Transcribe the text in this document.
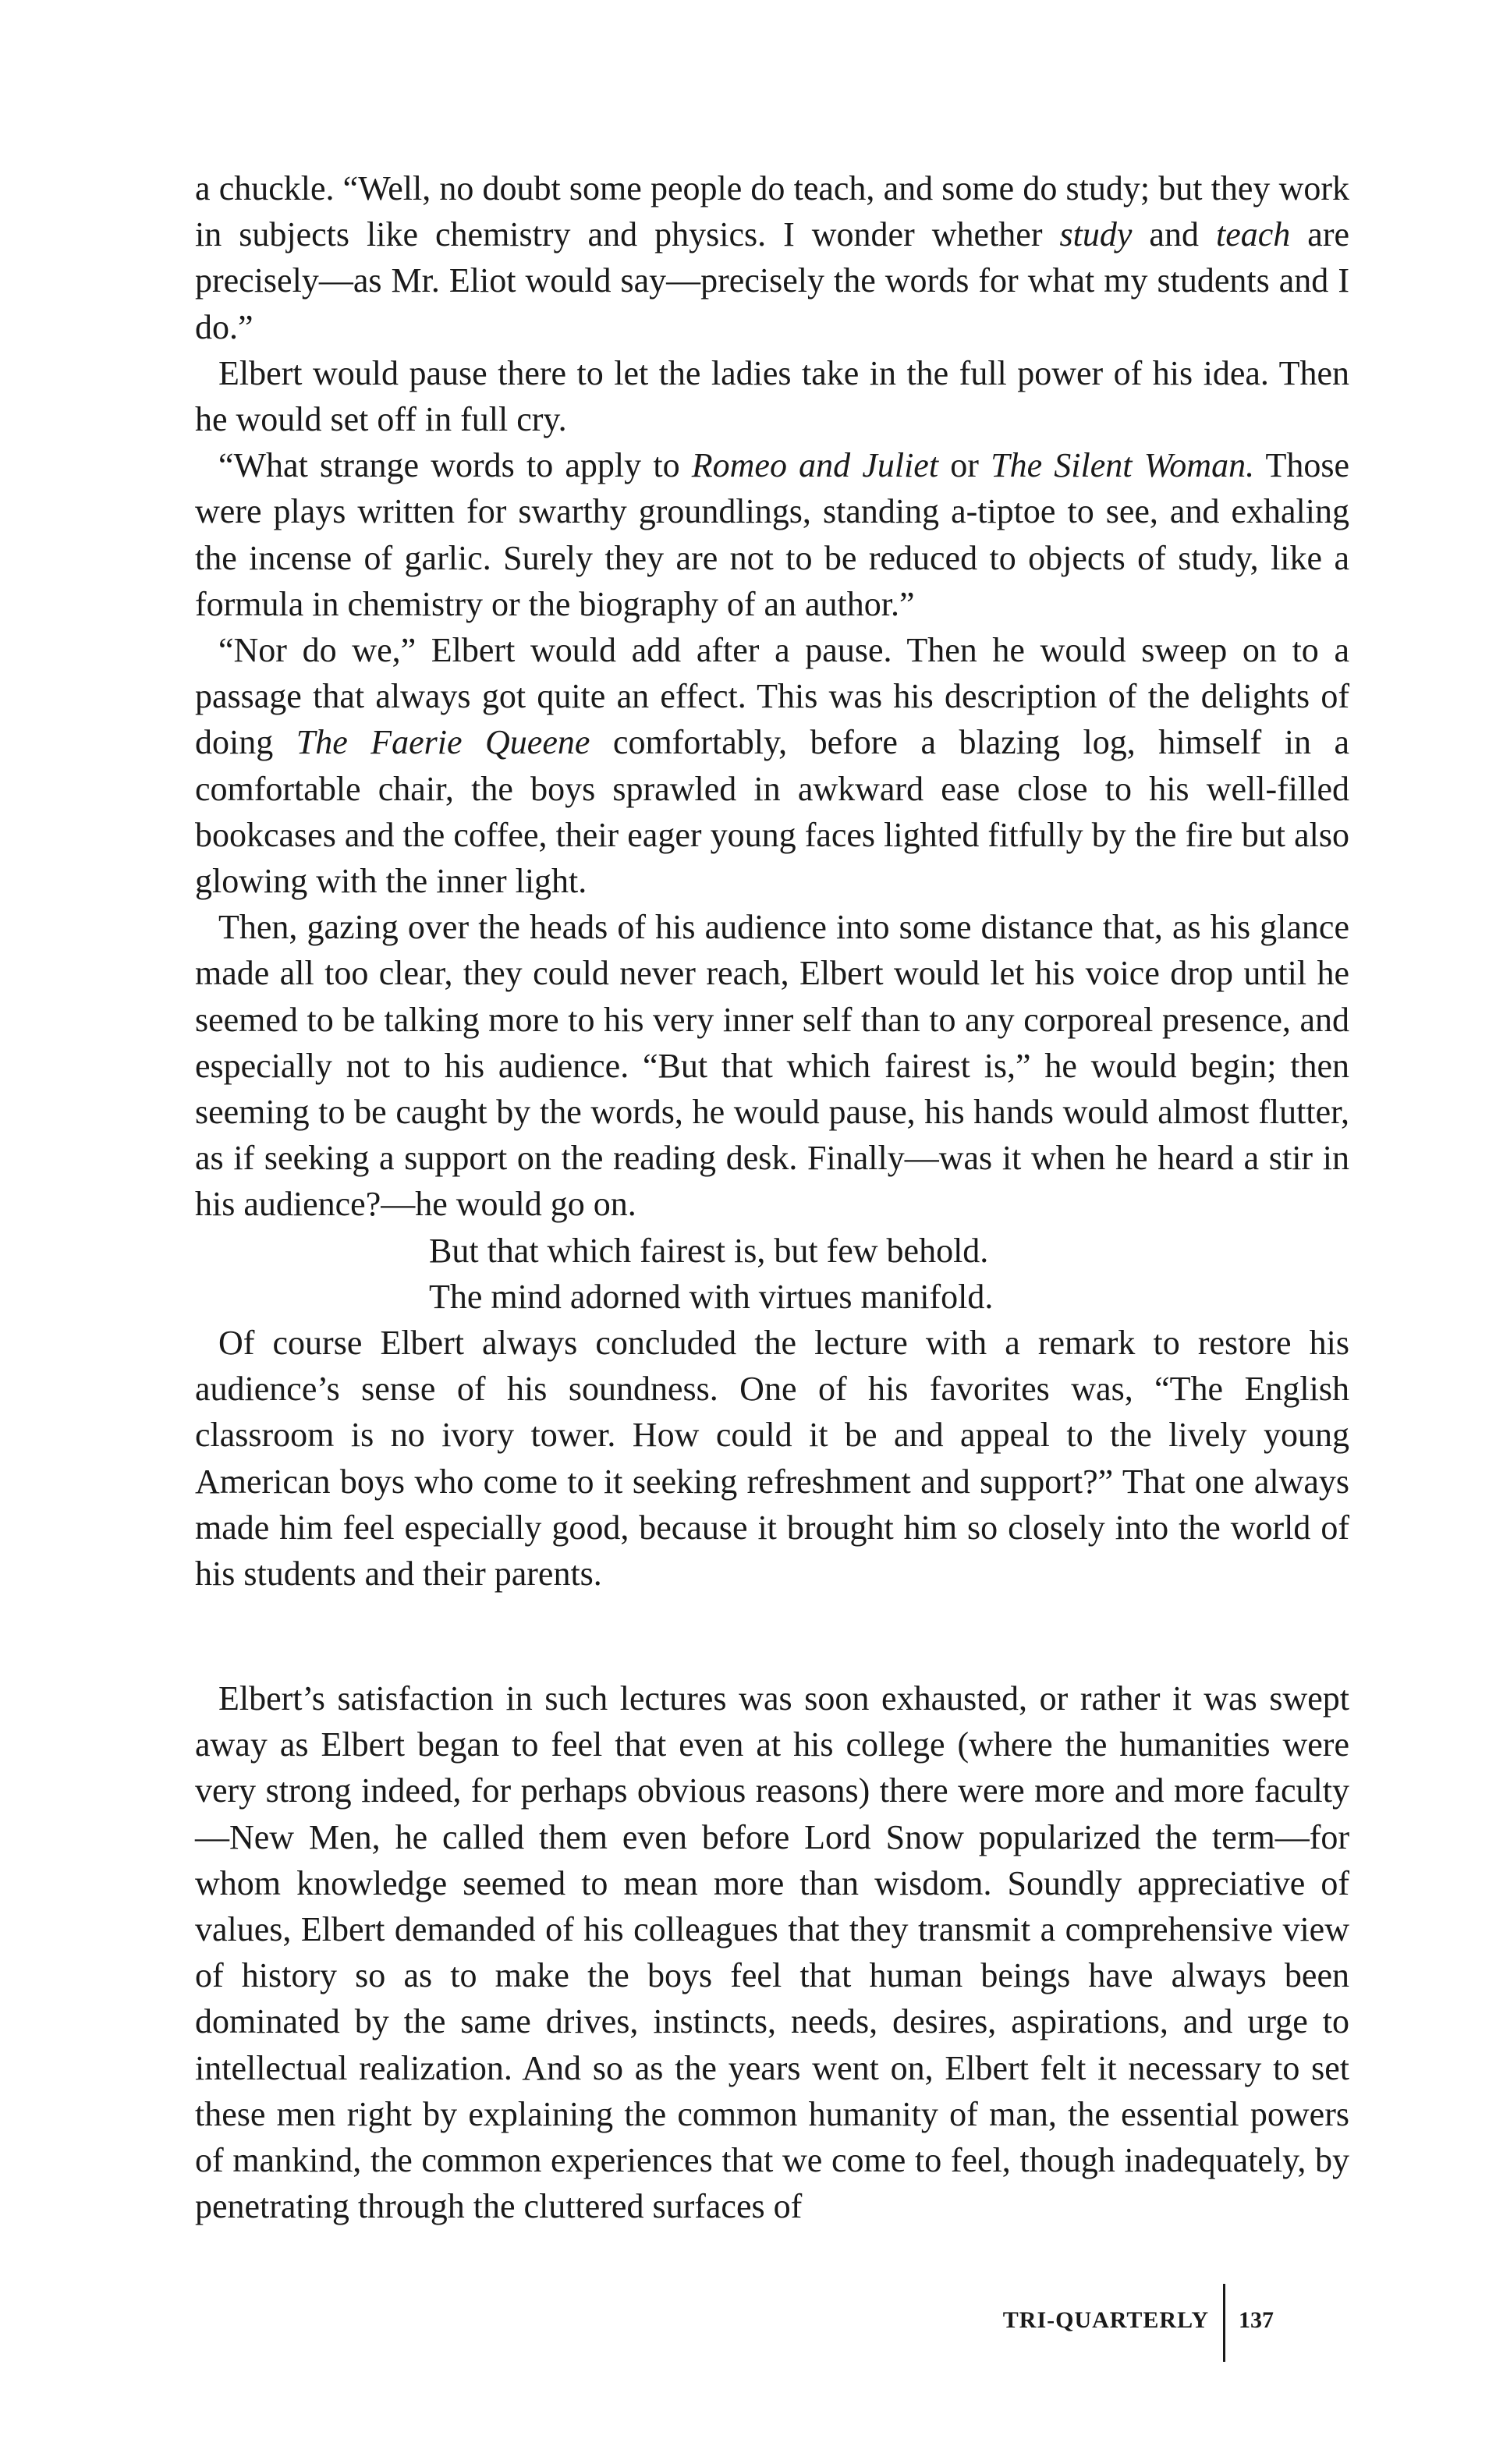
a chuckle. “Well, no doubt some people do teach, and some do study; but they work in subjects like chemistry and physics. I wonder whether study and teach are precisely—as Mr. Eliot would say—precisely the words for what my students and I do.”

Elbert would pause there to let the ladies take in the full power of his idea. Then he would set off in full cry.

“What strange words to apply to Romeo and Juliet or The Silent Woman. Those were plays written for swarthy groundlings, standing a-tiptoe to see, and exhaling the incense of garlic. Surely they are not to be reduced to objects of study, like a formula in chemistry or the biography of an author.”

“Nor do we,” Elbert would add after a pause. Then he would sweep on to a passage that always got quite an effect. This was his description of the delights of doing The Faerie Queene comfortably, before a blazing log, himself in a comfortable chair, the boys sprawled in awkward ease close to his well-filled bookcases and the coffee, their eager young faces lighted fitfully by the fire but also glowing with the inner light.

Then, gazing over the heads of his audience into some distance that, as his glance made all too clear, they could never reach, Elbert would let his voice drop until he seemed to be talking more to his very inner self than to any corporeal presence, and especially not to his audience. “But that which fairest is,” he would begin; then seeming to be caught by the words, he would pause, his hands would almost flutter, as if seeking a support on the reading desk. Finally—was it when he heard a stir in his audience?—he would go on.

But that which fairest is, but few behold.

The mind adorned with virtues manifold.

Of course Elbert always concluded the lecture with a remark to restore his audience’s sense of his soundness. One of his favorites was, “The English classroom is no ivory tower. How could it be and appeal to the lively young American boys who come to it seeking refreshment and support?” That one always made him feel especially good, because it brought him so closely into the world of his students and their parents.

Elbert’s satisfaction in such lectures was soon exhausted, or rather it was swept away as Elbert began to feel that even at his college (where the humanities were very strong indeed, for perhaps obvious reasons) there were more and more faculty—New Men, he called them even before Lord Snow popularized the term—for whom knowledge seemed to mean more than wisdom. Soundly appreciative of values, Elbert demanded of his colleagues that they transmit a comprehensive view of history so as to make the boys feel that human beings have always been dominated by the same drives, instincts, needs, desires, aspirations, and urge to intellectual realization. And so as the years went on, Elbert felt it necessary to set these men right by explaining the common humanity of man, the essential powers of mankind, the common experiences that we come to feel, though inadequately, by penetrating through the cluttered surfaces of

TRI-QUARTERLY 137
